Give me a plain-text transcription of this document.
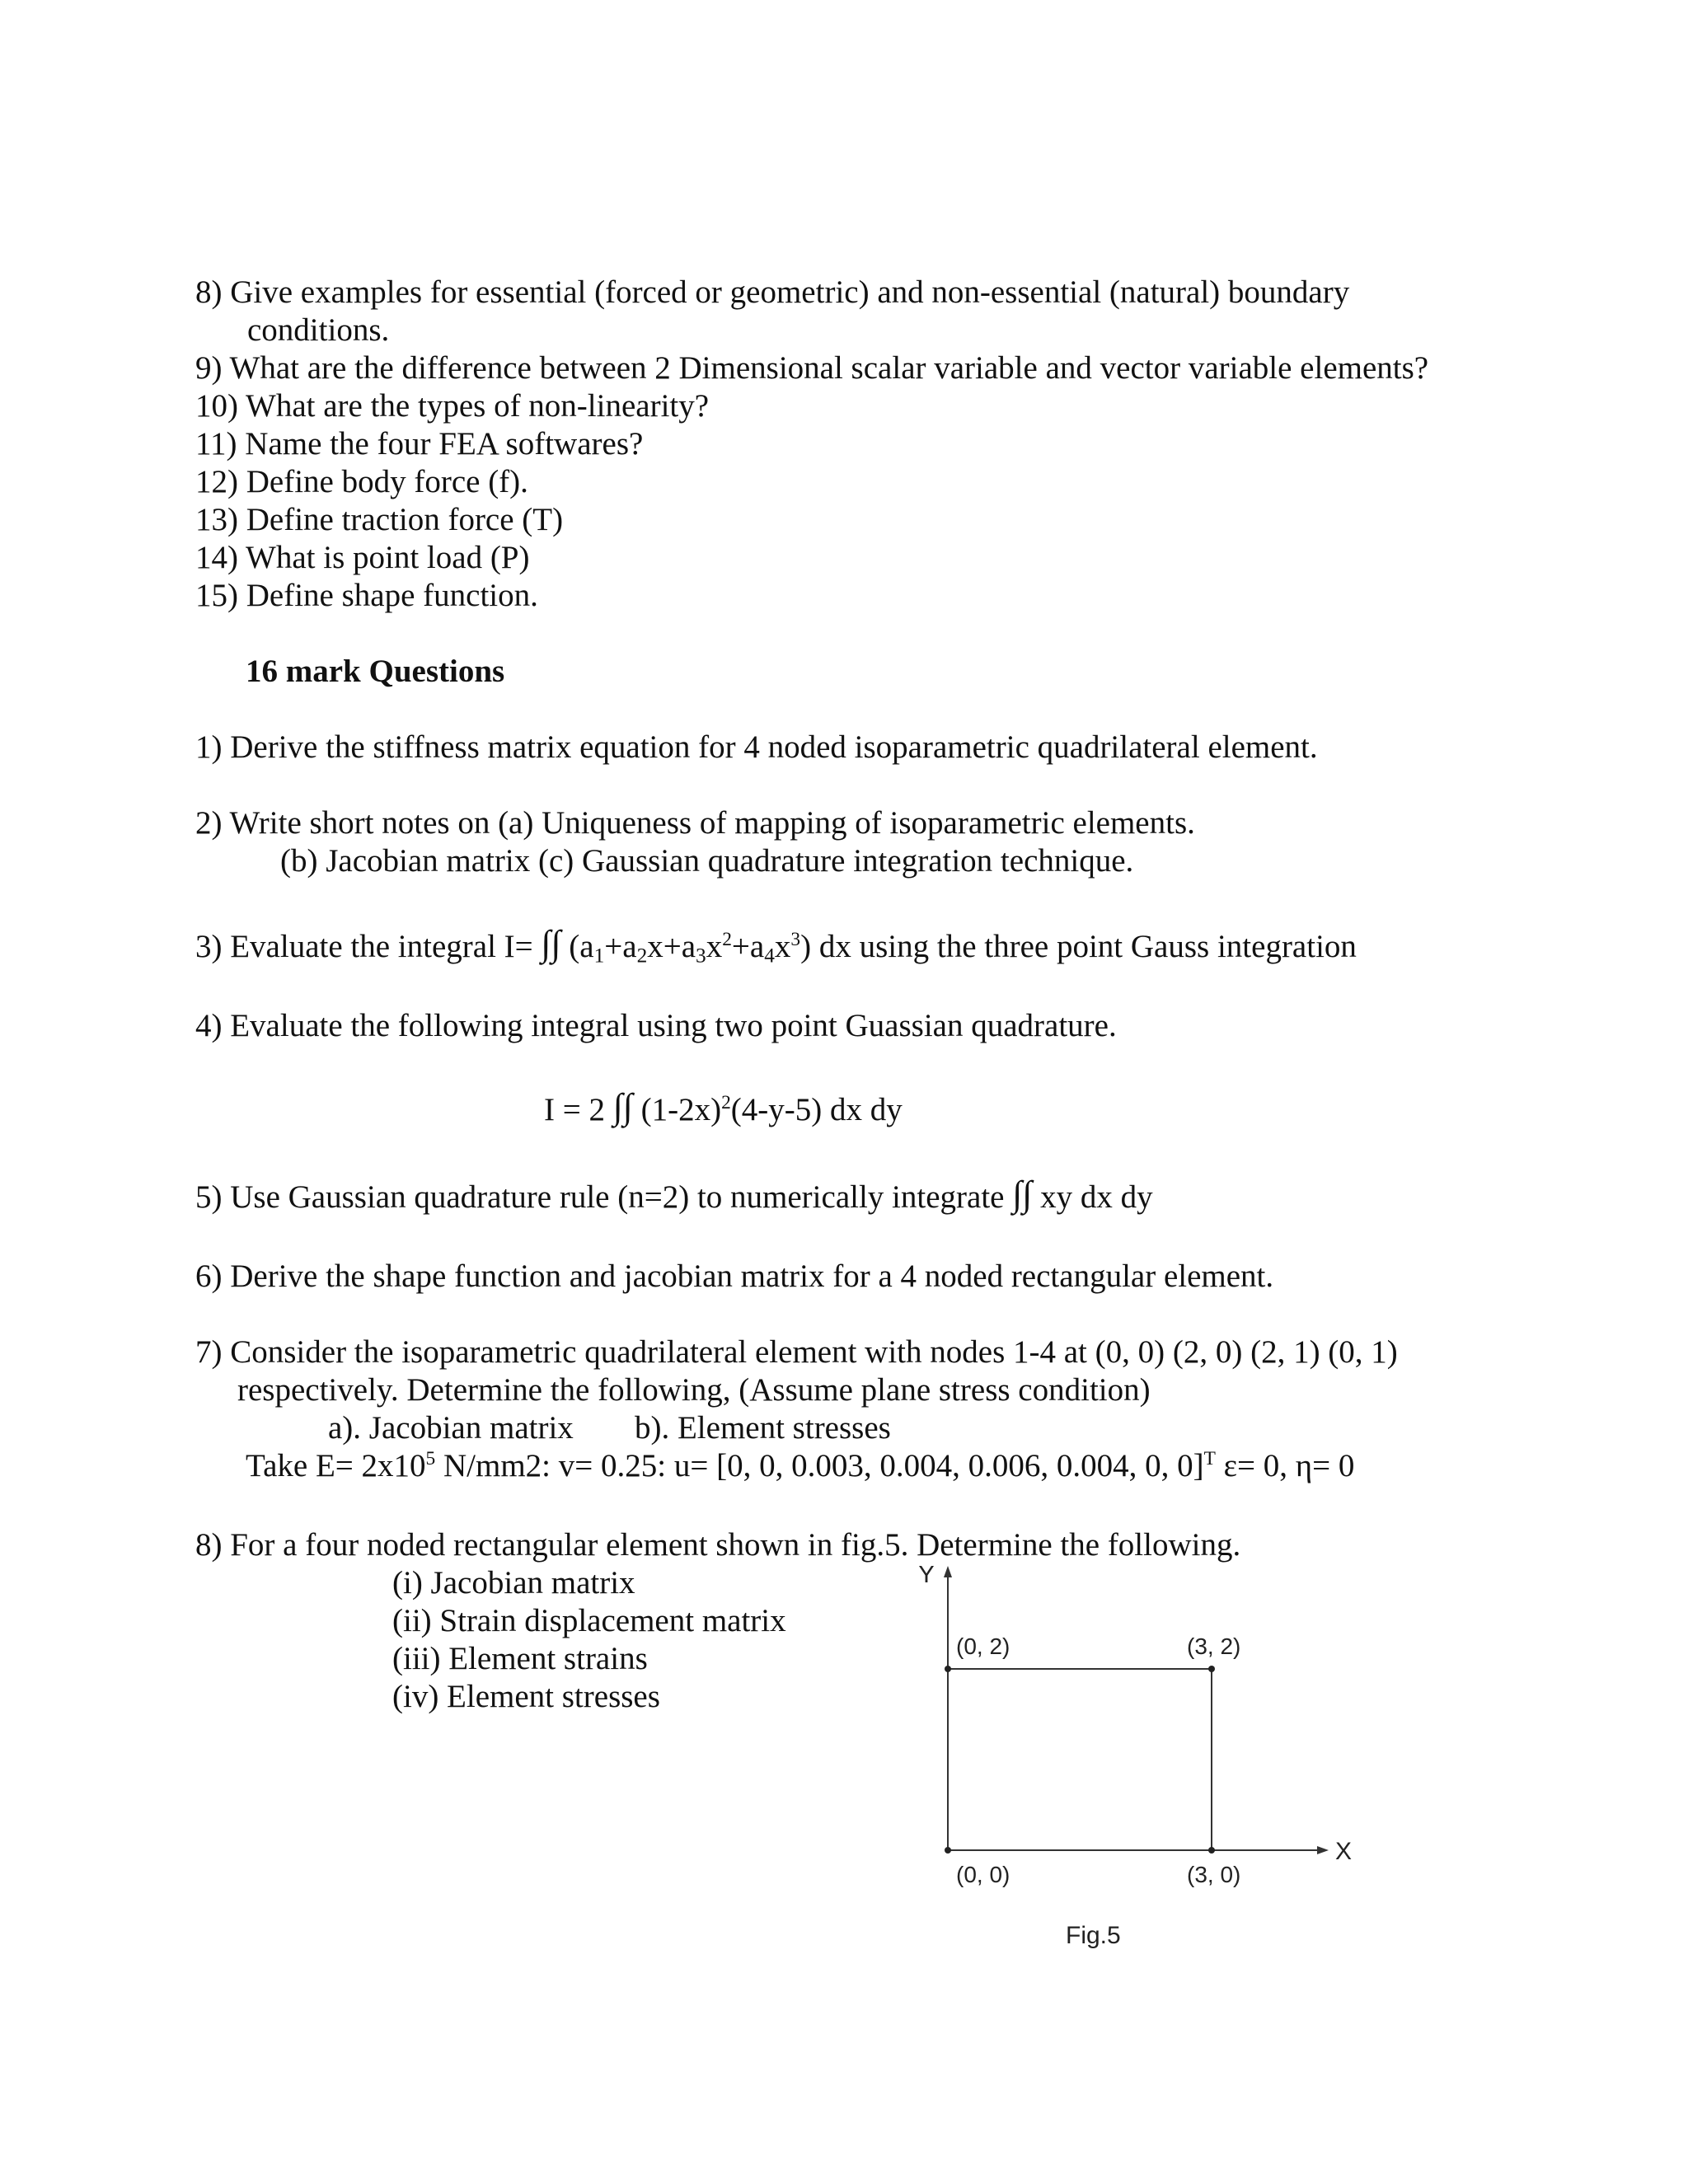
8) Give examples for essential (forced or geometric) and non-essential (natural) boundary
conditions.
9) What are the difference between 2 Dimensional scalar variable and vector variable elements?
10) What are the types of non-linearity?
11) Name the four FEA softwares?
12) Define body force (f).
13) Define traction force (T)
14) What is point load (P)
15) Define shape function.
16 mark Questions
1) Derive the stiffness matrix equation for 4 noded isoparametric quadrilateral element.
2) Write short notes on (a) Uniqueness of mapping of isoparametric elements.
(b) Jacobian matrix (c) Gaussian quadrature integration technique.
3) Evaluate the integral I= ∫∫ $(a_1+a_2x+a_3x^2+a_4x^3)$ dx using the three point Gauss integration
4) Evaluate the following integral using two point Guassian quadrature.
I = 2 ∫∫ $(1-2x)^2(4-y-5)$ dx dy
5) Use Gaussian quadrature rule (n=2) to numerically integrate ∫∫ xy dx dy
6) Derive the shape function and jacobian matrix for a 4 noded rectangular element.
7) Consider the isoparametric quadrilateral element with nodes 1-4 at (0, 0) (2, 0) (2, 1) (0, 1)
respectively. Determine the following, (Assume plane stress condition)
a). Jacobian matrix b). Element stresses
Take $E= 2x10^5$ N/mm2: v= 0.25: u= [0, 0, 0.003, 0.004, 0.006, 0.004, 0, 0]$^T$ ε= 0, η= 0
8) For a four noded rectangular element shown in fig.5. Determine the following.
(i) Jacobian matrix
(ii) Strain displacement matrix
(iii) Element strains
(iv) Element stresses
Y
X
(0, 2)	(3, 2)
(0, 0)	(3, 0)
Fig.5
